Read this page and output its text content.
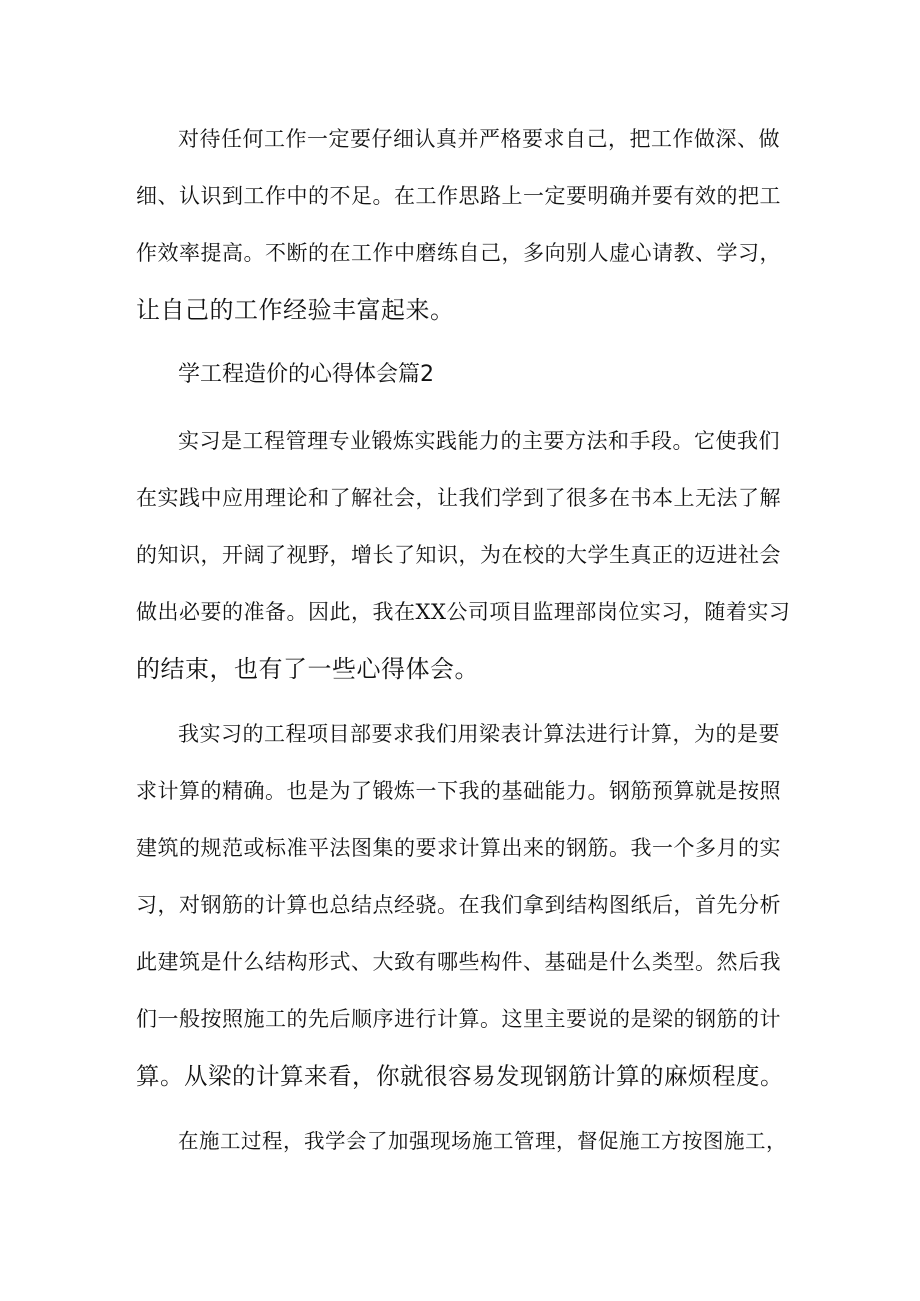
对待任何工作一定要仔细认真并严格要求自己，把工作做深、做
细、认识到工作中的不足。在工作思路上一定要明确并要有效的把工
作效率提高。不断的在工作中磨练自己，多向别人虚心请教、学习，
让自己的工作经验丰富起来。
学工程造价的心得体会篇2
实习是工程管理专业锻炼实践能力的主要方法和手段。它使我们
在实践中应用理论和了解社会，让我们学到了很多在书本上无法了解
的知识，开阔了视野，增长了知识，为在校的大学生真正的迈进社会
做出必要的准备。因此，我在XX公司项目监理部岗位实习，随着实习
的结束，也有了一些心得体会。
我实习的工程项目部要求我们用梁表计算法进行计算，为的是要
求计算的精确。也是为了锻炼一下我的基础能力。钢筋预算就是按照
建筑的规范或标准平法图集的要求计算出来的钢筋。我一个多月的实
习，对钢筋的计算也总结点经骁。在我们拿到结构图纸后，首先分析
此建筑是什么结构形式、大致有哪些构件、基础是什么类型。然后我
们一般按照施工的先后顺序进行计算。这里主要说的是梁的钢筋的计
算。从梁的计算来看，你就很容易发现钢筋计算的麻烦程度。
在施工过程，我学会了加强现场施工管理，督促施工方按图施工，
